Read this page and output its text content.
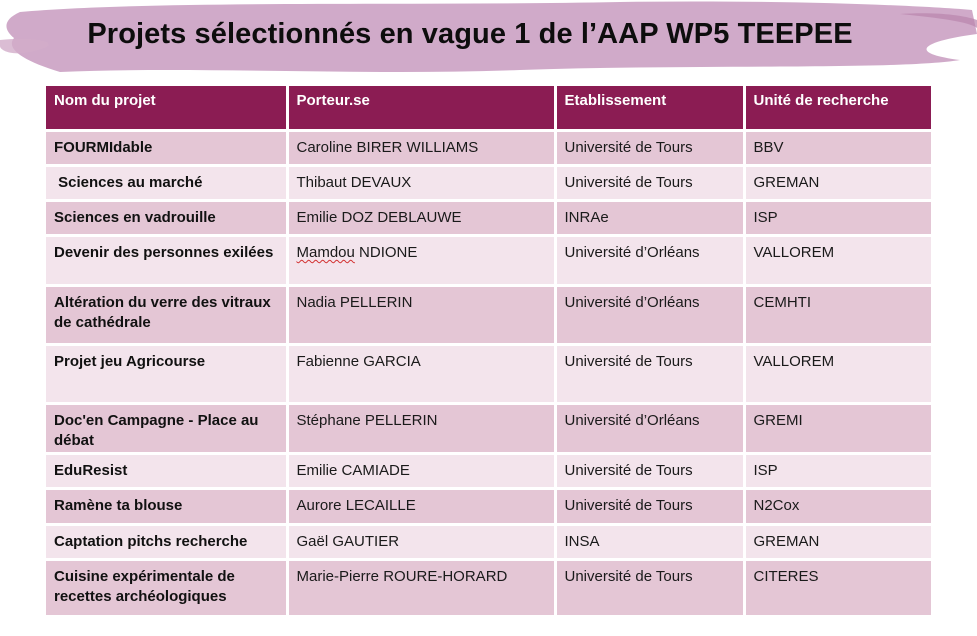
Projets sélectionnés en vague 1 de l’AAP WP5 TEEPEE
Nom du projet	Porteur.se	Etablissement	Unité de recherche
FOURMIdable	Caroline BIRER WILLIAMS	Université de Tours	BBV
Sciences au marché	Thibaut DEVAUX	Université de Tours	GREMAN
Sciences en vadrouille	Emilie DOZ DEBLAUWE	INRAe	ISP
Devenir des personnes exilées	Mamdou NDIONE	Université d’Orléans	VALLOREM
Altération du verre des vitraux de cathédrale	Nadia PELLERIN	Université d’Orléans	CEMHTI
Projet jeu Agricourse	Fabienne GARCIA	Université de Tours	VALLOREM
Doc'en Campagne - Place au débat	Stéphane PELLERIN	Université d’Orléans	GREMI
EduResist	Emilie CAMIADE	Université de Tours	ISP
Ramène ta blouse	Aurore LECAILLE	Université de Tours	N2Cox
Captation pitchs recherche	Gaël GAUTIER	INSA	GREMAN
Cuisine expérimentale de recettes archéologiques	Marie-Pierre ROURE-HORARD	Université de Tours	CITERES
